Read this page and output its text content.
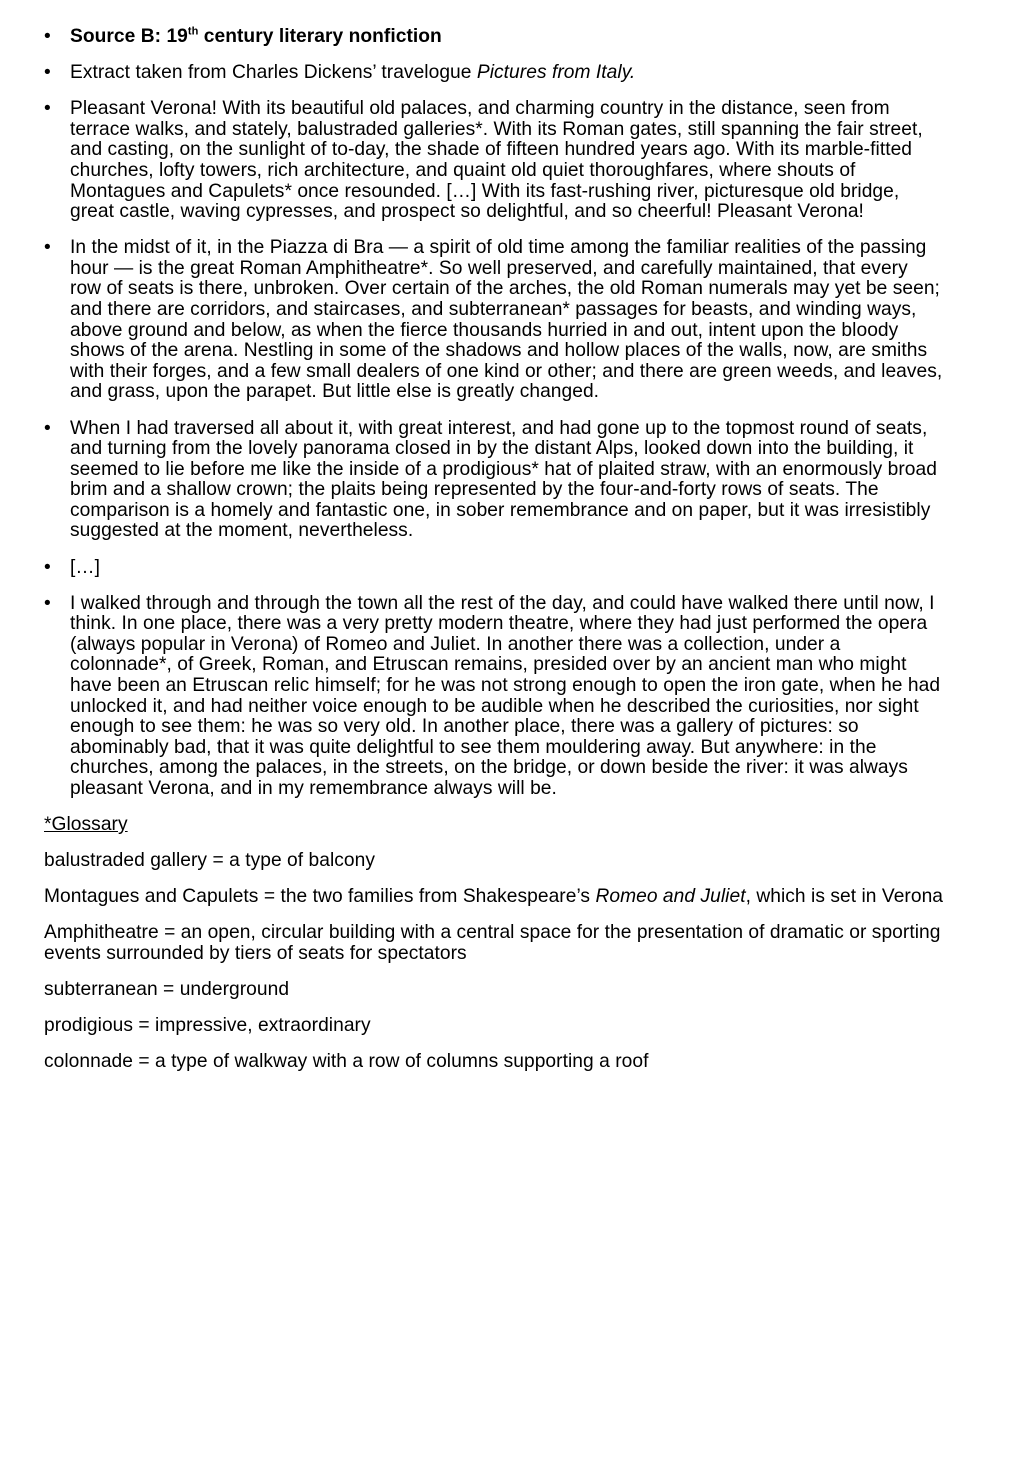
• Source B: 19th century literary nonfiction
• Extract taken from Charles Dickens’ travelogue Pictures from Italy.
• Pleasant Verona! With its beautiful old palaces, and charming country in the distance, seen from terrace walks, and stately, balustraded galleries*. With its Roman gates, still spanning the fair street, and casting, on the sunlight of to-day, the shade of fifteen hundred years ago. With its marble-fitted churches, lofty towers, rich architecture, and quaint old quiet thoroughfares, where shouts of Montagues and Capulets* once resounded. […] With its fast-rushing river, picturesque old bridge, great castle, waving cypresses, and prospect so delightful, and so cheerful! Pleasant Verona!
• In the midst of it, in the Piazza di Bra — a spirit of old time among the familiar realities of the passing hour — is the great Roman Amphitheatre*. So well preserved, and carefully maintained, that every row of seats is there, unbroken. Over certain of the arches, the old Roman numerals may yet be seen; and there are corridors, and staircases, and subterranean* passages for beasts, and winding ways, above ground and below, as when the fierce thousands hurried in and out, intent upon the bloody shows of the arena. Nestling in some of the shadows and hollow places of the walls, now, are smiths with their forges, and a few small dealers of one kind or other; and there are green weeds, and leaves, and grass, upon the parapet. But little else is greatly changed.
• When I had traversed all about it, with great interest, and had gone up to the topmost round of seats, and turning from the lovely panorama closed in by the distant Alps, looked down into the building, it seemed to lie before me like the inside of a prodigious* hat of plaited straw, with an enormously broad brim and a shallow crown; the plaits being represented by the four-and-forty rows of seats. The comparison is a homely and fantastic one, in sober remembrance and on paper, but it was irresistibly suggested at the moment, nevertheless.
• […]
• I walked through and through the town all the rest of the day, and could have walked there until now, I think. In one place, there was a very pretty modern theatre, where they had just performed the opera (always popular in Verona) of Romeo and Juliet. In another there was a collection, under a colonnade*, of Greek, Roman, and Etruscan remains, presided over by an ancient man who might have been an Etruscan relic himself; for he was not strong enough to open the iron gate, when he had unlocked it, and had neither voice enough to be audible when he described the curiosities, nor sight enough to see them: he was so very old. In another place, there was a gallery of pictures: so abominably bad, that it was quite delightful to see them mouldering away. But anywhere: in the churches, among the palaces, in the streets, on the bridge, or down beside the river: it was always pleasant Verona, and in my remembrance always will be.
*Glossary
balustraded gallery = a type of balcony
Montagues and Capulets = the two families from Shakespeare’s Romeo and Juliet, which is set in Verona
Amphitheatre = an open, circular building with a central space for the presentation of dramatic or sporting events surrounded by tiers of seats for spectators
subterranean = underground
prodigious = impressive, extraordinary
colonnade = a type of walkway with a row of columns supporting a roof
